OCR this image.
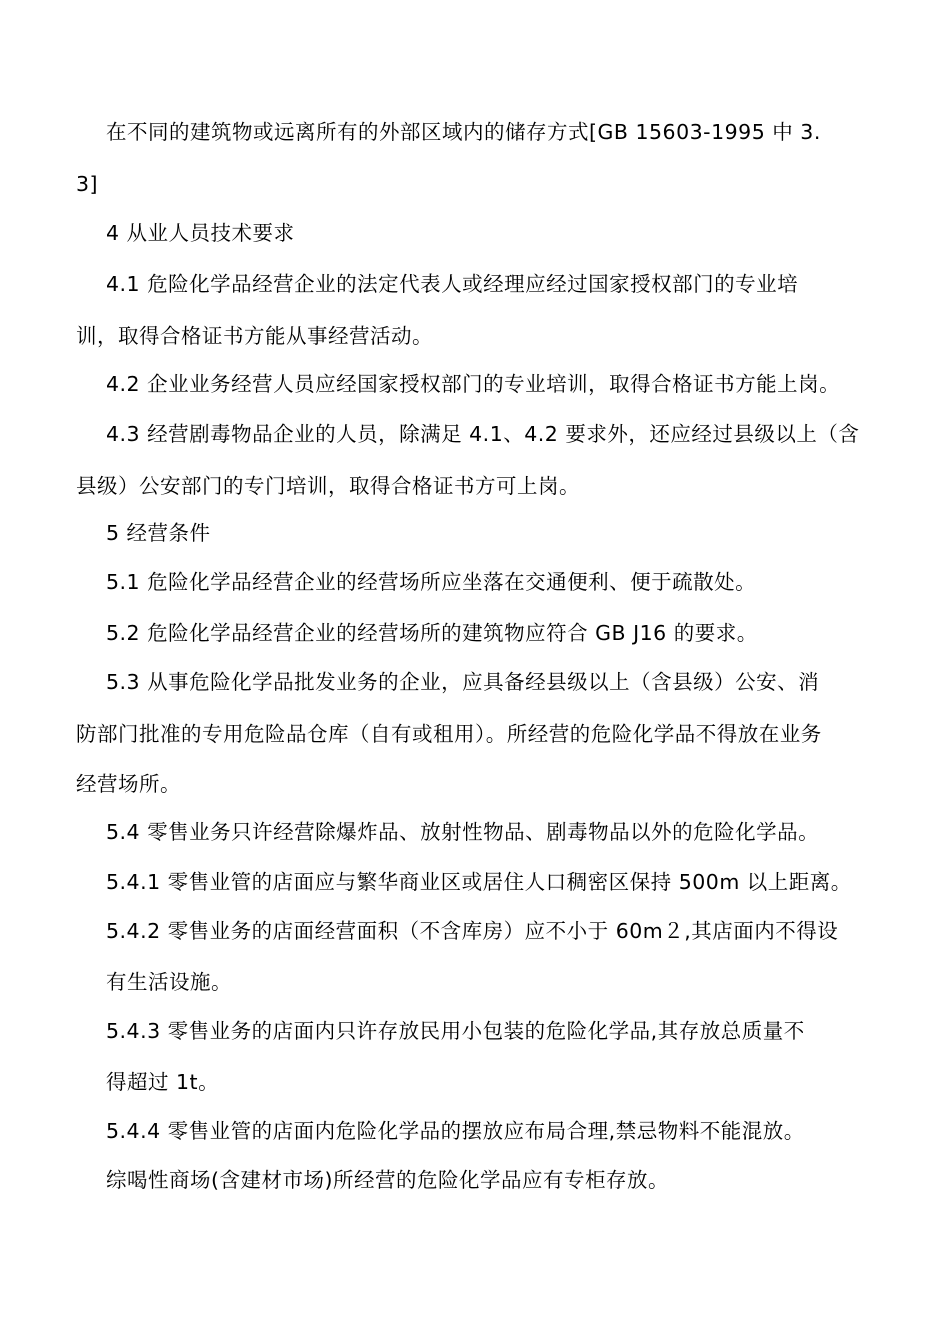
在不同的建筑物或远离所有的外部区域内的储存方式[GB 15603-1995 中 3.
3]
4 从业人员技术要求
4.1 危险化学品经营企业的法定代表人或经理应经过国家授权部门的专业培
训，取得合格证书方能从事经营活动。
4.2 企业业务经营人员应经国家授权部门的专业培训，取得合格证书方能上岗。
4.3 经营剧毒物品企业的人员，除满足 4.1、4.2 要求外，还应经过县级以上（含
县级）公安部门的专门培训，取得合格证书方可上岗。
5 经营条件
5.1 危险化学品经营企业的经营场所应坐落在交通便利、便于疏散处。
5.2 危险化学品经营企业的经营场所的建筑物应符合 GB J16 的要求。
5.3 从事危险化学品批发业务的企业，应具备经县级以上（含县级）公安、消
防部门批准的专用危险品仓库（自有或租用）。所经营的危险化学品不得放在业务
经营场所。
5.4 零售业务只许经营除爆炸品、放射性物品、剧毒物品以外的危险化学品。
5.4.1 零售业管的店面应与繁华商业区或居住人口稠密区保持 500m 以上距离。
5.4.2 零售业务的店面经营面积（不含库房）应不小于 60m２,其店面内不得设
有生活设施。
5.4.3 零售业务的店面内只许存放民用小包装的危险化学品,其存放总质量不
得超过 1t。
5.4.4 零售业管的店面内危险化学品的摆放应布局合理,禁忌物料不能混放。
综喝性商场(含建材市场)所经营的危险化学品应有专柜存放。
